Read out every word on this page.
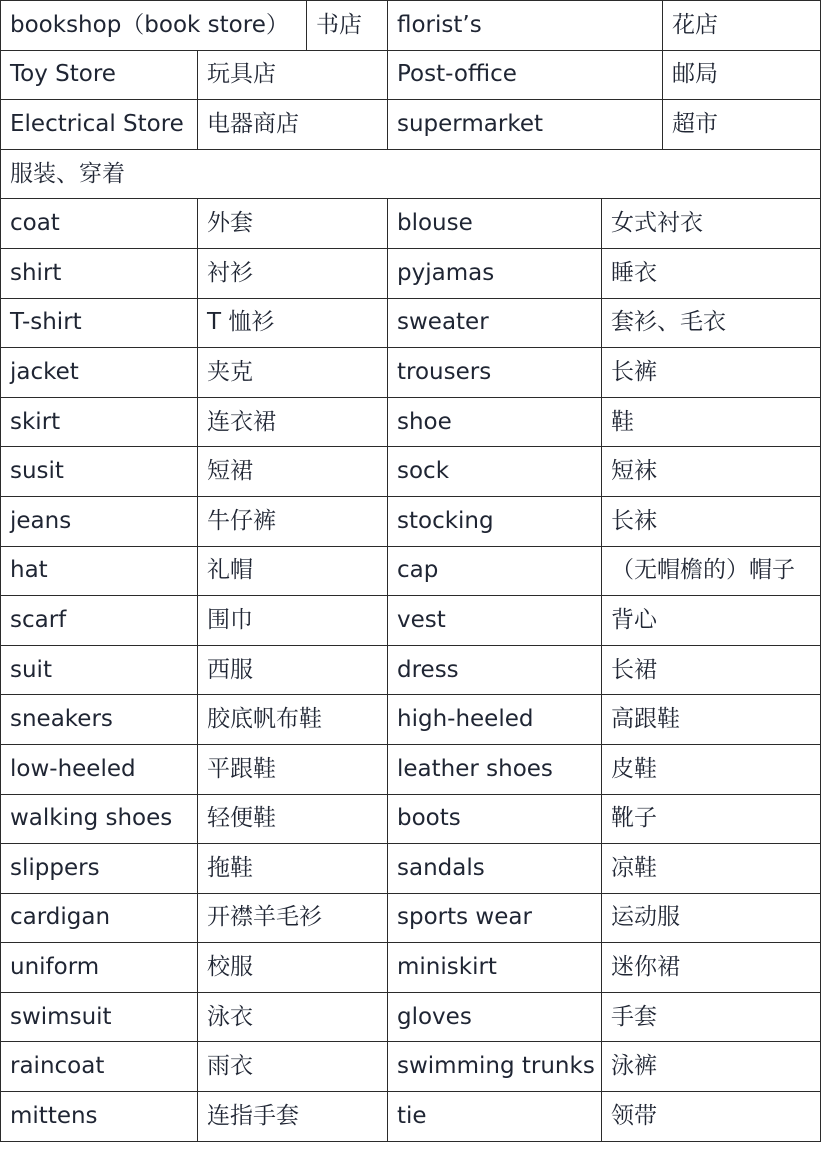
bookshop（book store）		书店	florist’s		花店
Toy Store	玩具店		Post-office		邮局
Electrical Store	电器商店		supermarket		超市
服装、穿着					
coat	外套		blouse	女式衬衣	
shirt	衬衫		pyjamas	睡衣	
T-shirt	T 恤衫		sweater	套衫、毛衣	
jacket	夹克		trousers	长裤	
skirt	连衣裙		shoe	鞋	
susit	短裙		sock	短袜	
jeans	牛仔裤		stocking	长袜	
hat	礼帽		cap	（无帽檐的）帽子	
scarf	围巾		vest	背心	
suit	西服		dress	长裙	
sneakers	胶底帆布鞋		high-heeled	高跟鞋	
low-heeled	平跟鞋		leather shoes	皮鞋	
walking shoes	轻便鞋		boots	靴子	
slippers	拖鞋		sandals	凉鞋	
cardigan	开襟羊毛衫		sports wear	运动服	
uniform	校服		miniskirt	迷你裙	
swimsuit	泳衣		gloves	手套	
raincoat	雨衣		swimming trunks	泳裤	
mittens	连指手套		tie	领带	
